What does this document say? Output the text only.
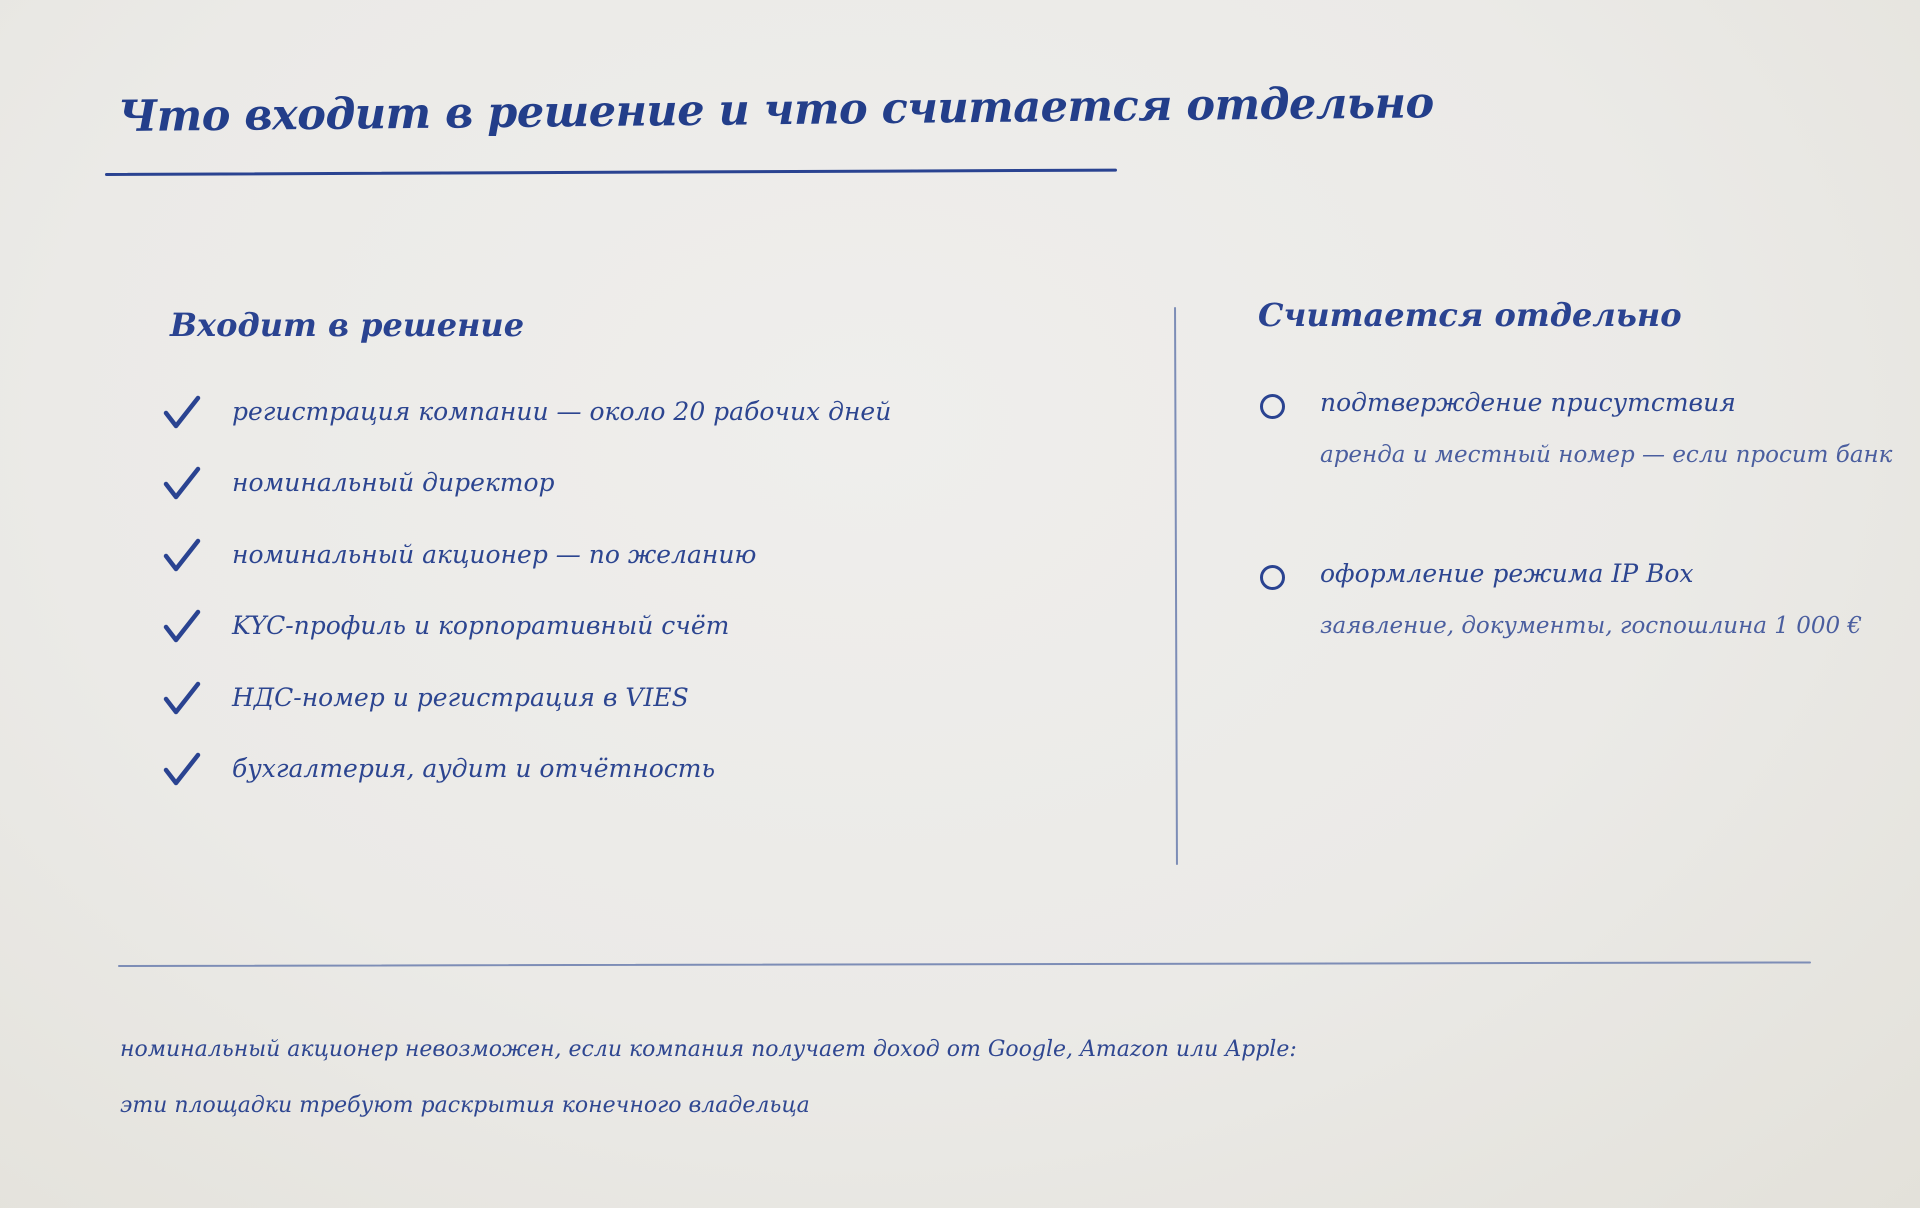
Что входит в решение и что считается отдельно
Входит в решение
регистрация компании — около 20 рабочих дней
номинальный директор
номинальный акционер — по желанию
KYC-профиль и корпоративный счёт
НДС-номер и регистрация в VIES
бухгалтерия, аудит и отчётность
Считается отдельно
подтверждение присутствия
аренда и местный номер — если просит банк
оформление режима IP Box
заявление, документы, госпошлина 1 000 €

номинальный акционер невозможен, если компания получает доход от Google, Amazon или Apple:
эти площадки требуют раскрытия конечного владельца
